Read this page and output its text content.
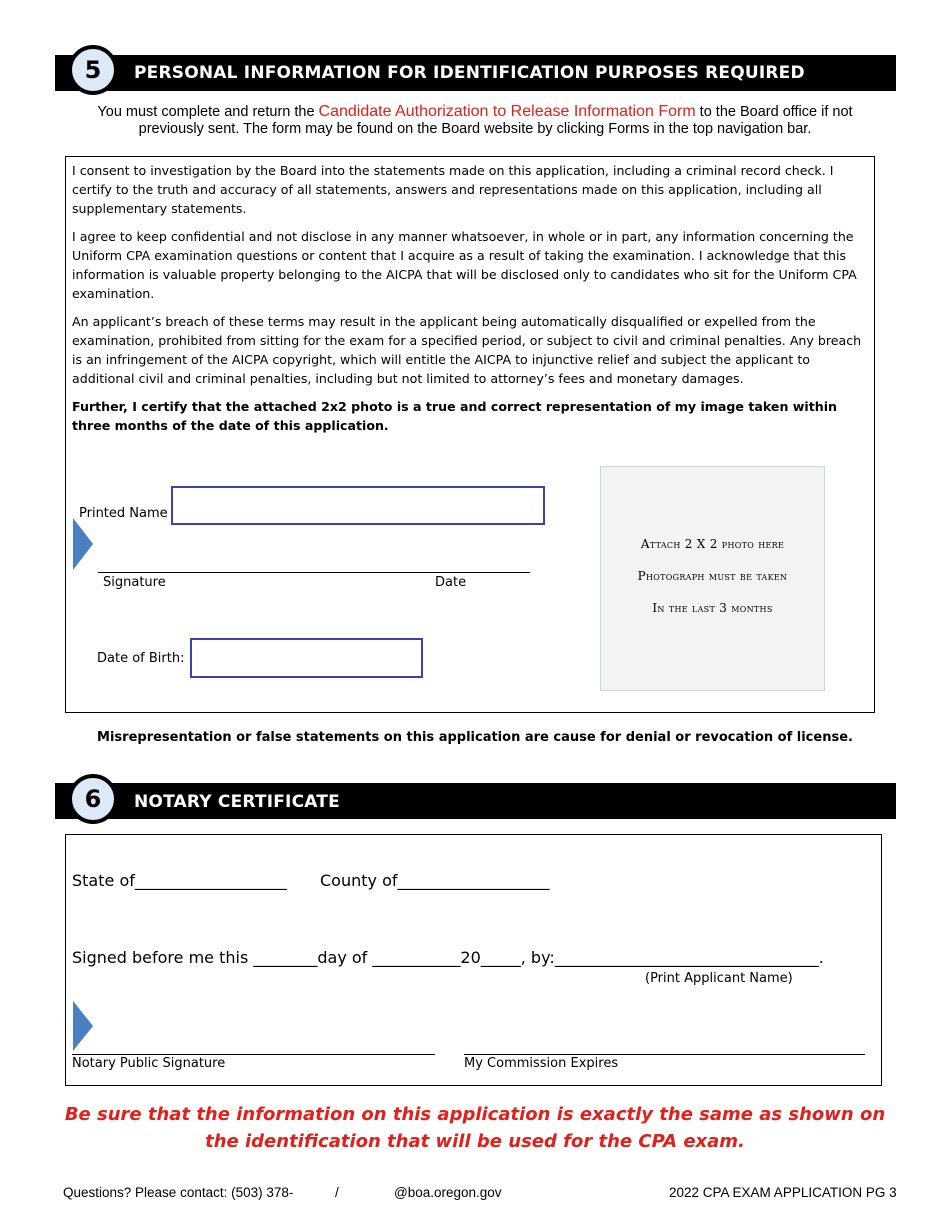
5	PERSONAL INFORMATION FOR IDENTIFICATION PURPOSES REQUIRED
You must complete and return the Candidate Authorization to Release Information Form to the Board office if not
previously sent. The form may be found on the Board website by clicking Forms in the top navigation bar.

I consent to investigation by the Board into the statements made on this application, including a criminal record check. I certify to the truth and accuracy of all statements, answers and representations made on this application, including all supplementary statements.

I agree to keep confidential and not disclose in any manner whatsoever, in whole or in part, any information concerning the Uniform CPA examination questions or content that I acquire as a result of taking the examination. I acknowledge that this information is valuable property belonging to the AICPA that will be disclosed only to candidates who sit for the Uniform CPA examination.

An applicant’s breach of these terms may result in the applicant being automatically disqualified or expelled from the examination, prohibited from sitting for the exam for a specified period, or subject to civil and criminal penalties. Any breach is an infringement of the AICPA copyright, which will entitle the AICPA to injunctive relief and subject the applicant to additional civil and criminal penalties, including but not limited to attorney’s fees and monetary damages.

Further, I certify that the attached 2x2 photo is a true and correct representation of my image taken within three months of the date of this application.

Printed Name
Signature	Date
Date of Birth:
Attach 2 X 2 photo here
Photograph must be taken
In the last 3 months
Misrepresentation or false statements on this application are cause for denial or revocation of license.
6	NOTARY CERTIFICATE
State of___________________ County of___________________
Signed before me this ________day of ___________20_____, by:_________________________________.
(Print Applicant Name)
Notary Public Signature	My Commission Expires
Be sure that the information on this application is exactly the same as shown on
the identification that will be used for the CPA exam.
Questions? Please contact: (503) 378-	/	@boa.oregon.gov	2022 CPA EXAM APPLICATION PG 3
